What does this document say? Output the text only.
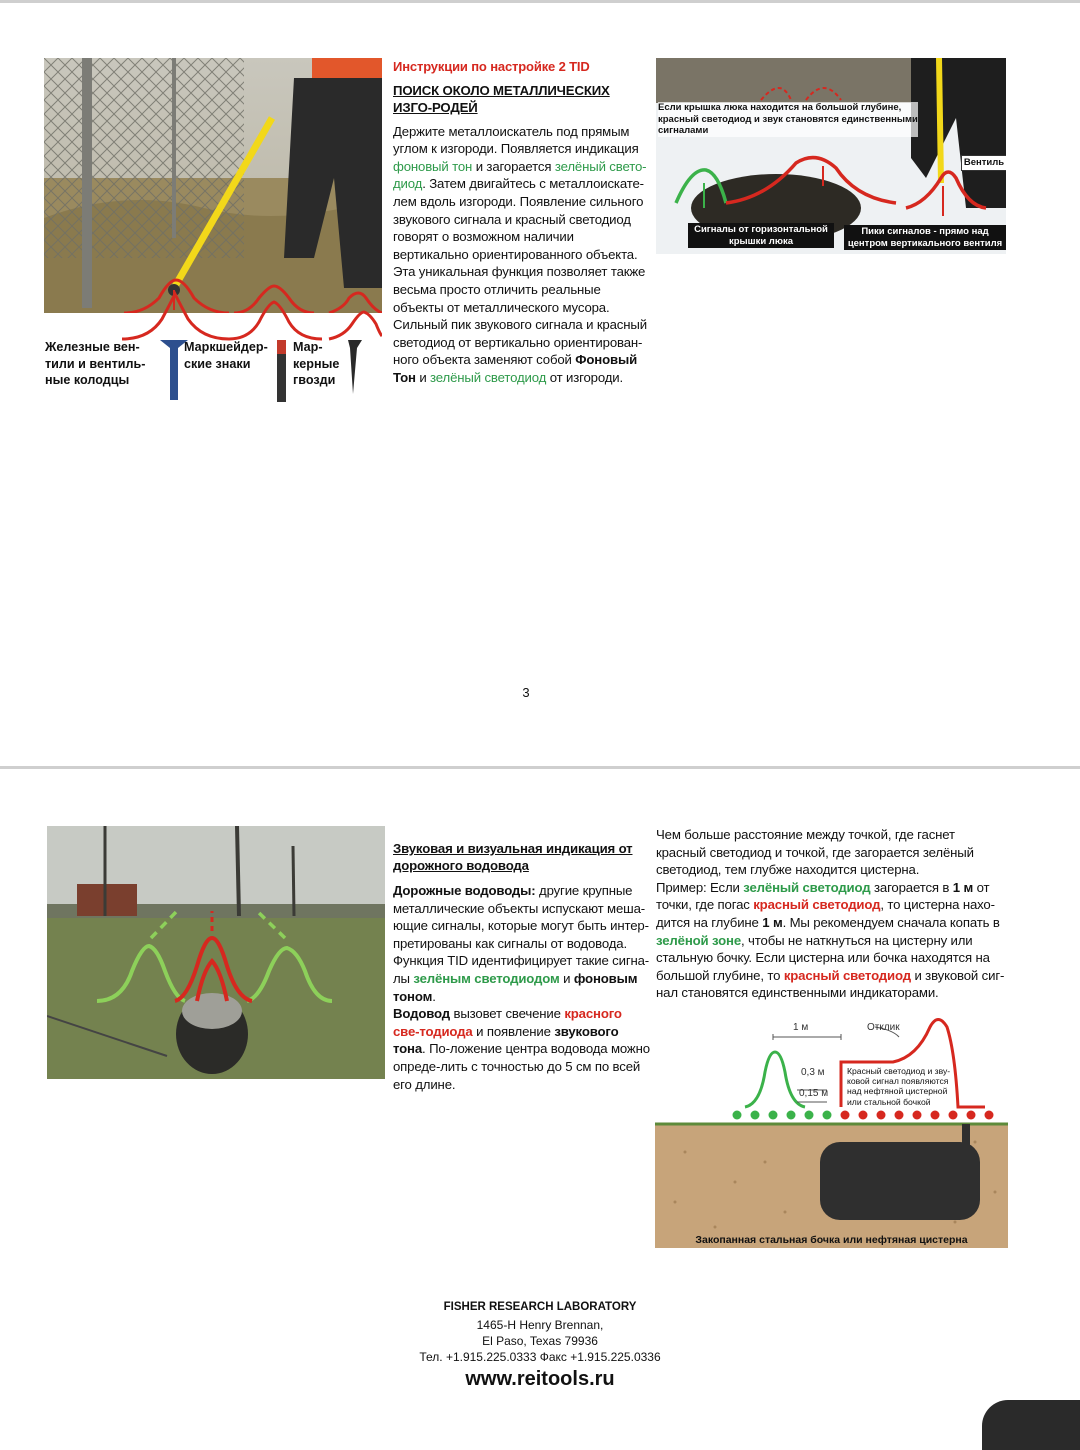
Железные вен-тили и вентиль-ные колодцы
Маркшейдер-ские знаки
Мар-керные гвозди
Инструкции по настройке 2 TID
ПОИСК ОКОЛО МЕТАЛЛИЧЕСКИХ ИЗГО-РОДЕЙ
Держите металлоискатель под прямым углом к изгороди. Появляется индикация фоновый тон и загорается зелёный свето-диод. Затем двигайтесь с металлоискате-лем вдоль изгороди. Появление сильного звукового сигнала и красный светодиод говорят о возможном наличии вертикально ориентированного объекта.
Эта уникальная функция позволяет также весьма просто отличить реальные объекты от металлического мусора.
Сильный пик звукового сигнала и красный светодиод от вертикально ориентирован-ного объекта заменяют собой Фоновый Тон и зелёный светодиод от изгороди.
Если крышка люка находится на большой глубине, красный светодиод и звук становятся единственными сигналами
Вентиль
Сигналы от горизонтальной крышки люка
Пики сигналов - прямо над центром вертикального вентиля
3
Звуковая и визуальная индикация от дорожного водовода
Дорожные водоводы: другие крупные металлические объекты испускают меша-ющие сигналы, которые могут быть интер-претированы как сигналы от водовода. Функция TID идентифицирует такие сигна-лы зелёным светодиодом и фоновым тоном.
Водовод вызовет свечение красного све-тодиода и появление звукового тона. По-ложение центра водовода можно опреде-лить с точностью до 5 см по всей его длине.
Чем больше расстояние между точкой, где гаснет красный светодиод и точкой, где загорается зелёный светодиод, тем глубже находится цистерна.
Пример: Если зелёный светодиод загорается в 1 м от точки, где погас красный светодиод, то цистерна нахо-дится на глубине 1 м. Мы рекомендуем сначала копать в зелёной зоне, чтобы не наткнуться на цистерну или стальную бочку. Если цистерна или бочка находятся на большой глубине, то красный светодиод и звуковой сиг-нал становятся единственными индикаторами.
1 м	Отклик
0,3 м
0,15 м
Красный светодиод и зву-ковой сигнал появляются над нефтяной цистерной или стальной бочкой
Закопанная стальная бочка или нефтяная цистерна
FISHER RESEARCH LABORATORY
1465-H Henry Brennan,
El Paso, Texas 79936
Тел. +1.915.225.0333 Факс +1.915.225.0336
www.reitools.ru
